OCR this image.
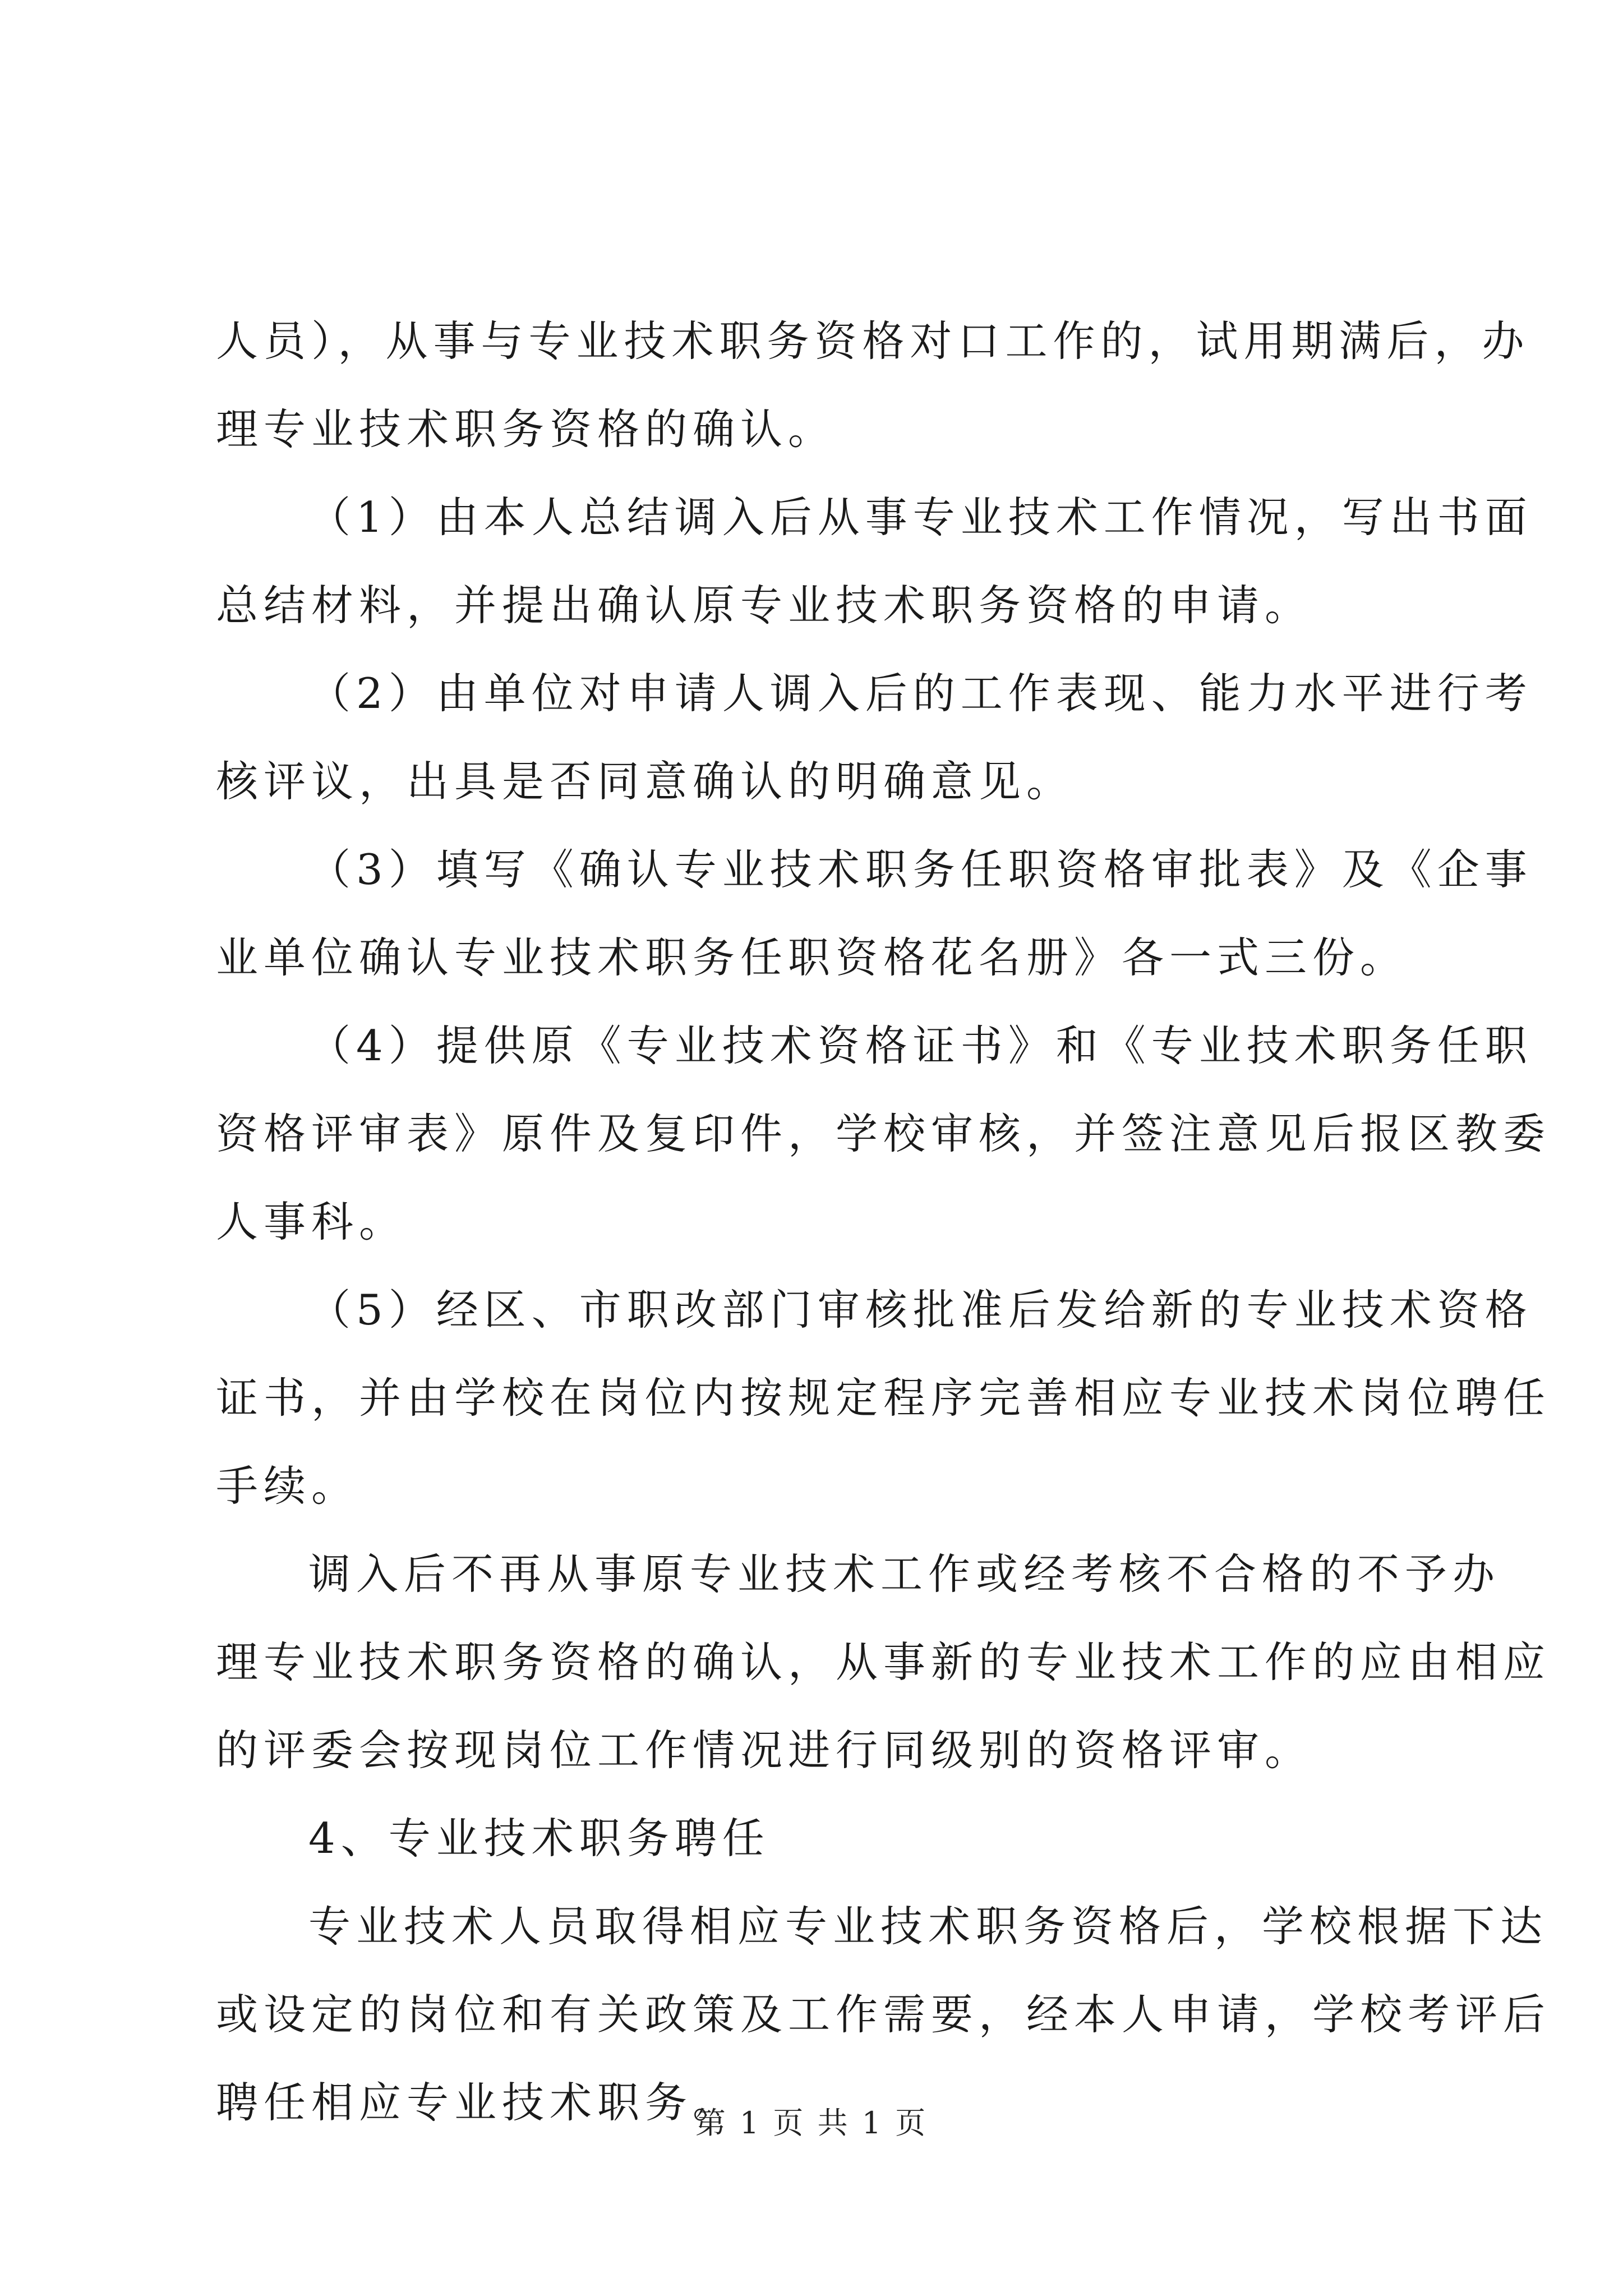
人员），从事与专业技术职务资格对口工作的，试用期满后，办
理专业技术职务资格的确认。
（1）由本人总结调入后从事专业技术工作情况，写出书面
总结材料，并提出确认原专业技术职务资格的申请。
（2）由单位对申请人调入后的工作表现、能力水平进行考
核评议，出具是否同意确认的明确意见。
（3）填写《确认专业技术职务任职资格审批表》及《企事
业单位确认专业技术职务任职资格花名册》各一式三份。
（4）提供原《专业技术资格证书》和《专业技术职务任职
资格评审表》原件及复印件，学校审核，并签注意见后报区教委
人事科。
（5）经区、市职改部门审核批准后发给新的专业技术资格
证书，并由学校在岗位内按规定程序完善相应专业技术岗位聘任
手续。
调入后不再从事原专业技术工作或经考核不合格的不予办
理专业技术职务资格的确认，从事新的专业技术工作的应由相应
的评委会按现岗位工作情况进行同级别的资格评审。
4、专业技术职务聘任
专业技术人员取得相应专业技术职务资格后，学校根据下达
或设定的岗位和有关政策及工作需要，经本人申请，学校考评后
聘任相应专业技术职务。
第 1 页 共 1 页
